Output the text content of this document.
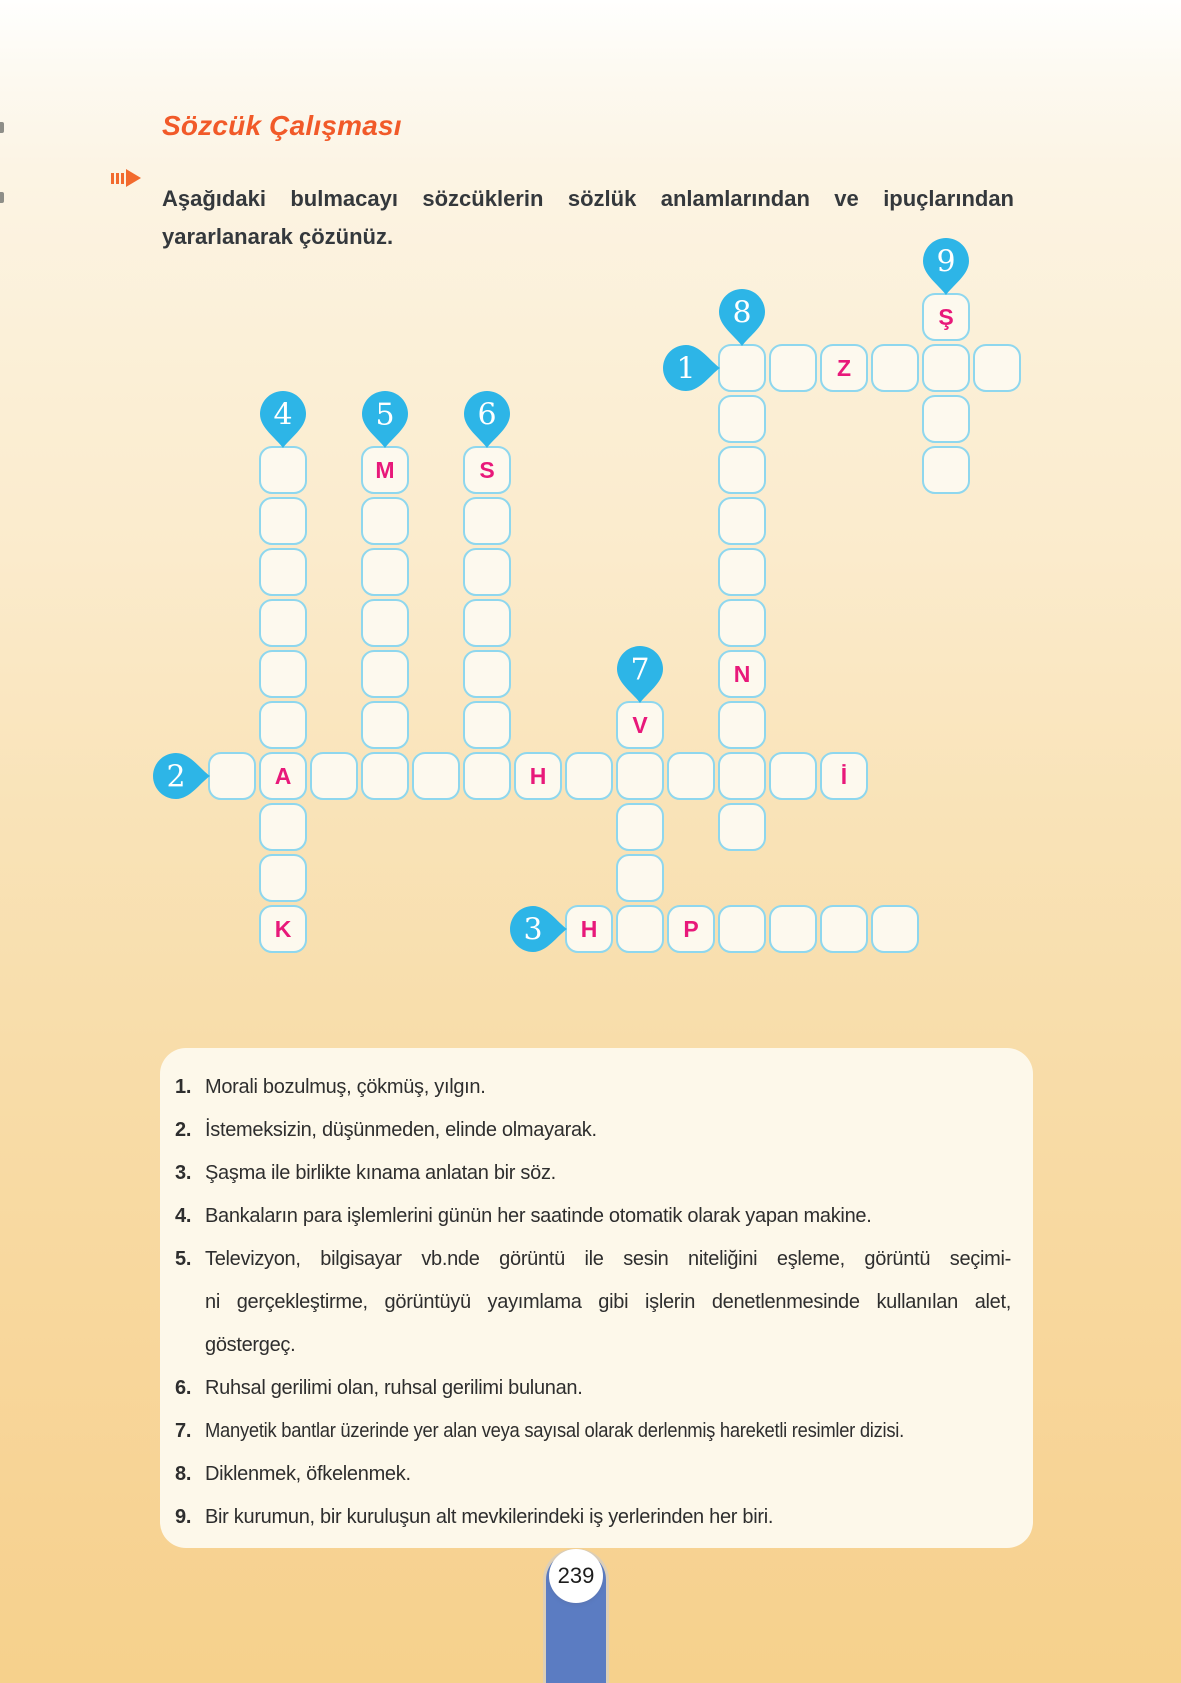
Sözcük Çalışması

Aşağıdaki bulmacayı sözcüklerin sözlük anlamlarından ve ipuçlarından yararlanarak çözünüz.

Ş
Z
M	S
N
V
A	H	İ
K	H	P
1
2
3
4	5	6
7
8
9
1. Morali bozulmuş, çökmüş, yılgın.
2. İstemeksizin, düşünmeden, elinde olmayarak.
3. Şaşma ile birlikte kınama anlatan bir söz.
4. Bankaların para işlemlerini günün her saatinde otomatik olarak yapan makine.
5. Televizyon, bilgisayar vb.nde görüntü ile sesin niteliğini eşleme, görüntü seçimi-
ni gerçekleştirme, görüntüyü yayımlama gibi işlerin denetlenmesinde kullanılan alet,
göstergeç.
6. Ruhsal gerilimi olan, ruhsal gerilimi bulunan.
7. Manyetik bantlar üzerinde yer alan veya sayısal olarak derlenmiş hareketli resimler dizisi.
8. Diklenmek, öfkelenmek.
9. Bir kurumun, bir kuruluşun alt mevkilerindeki iş yerlerinden her biri.
239
